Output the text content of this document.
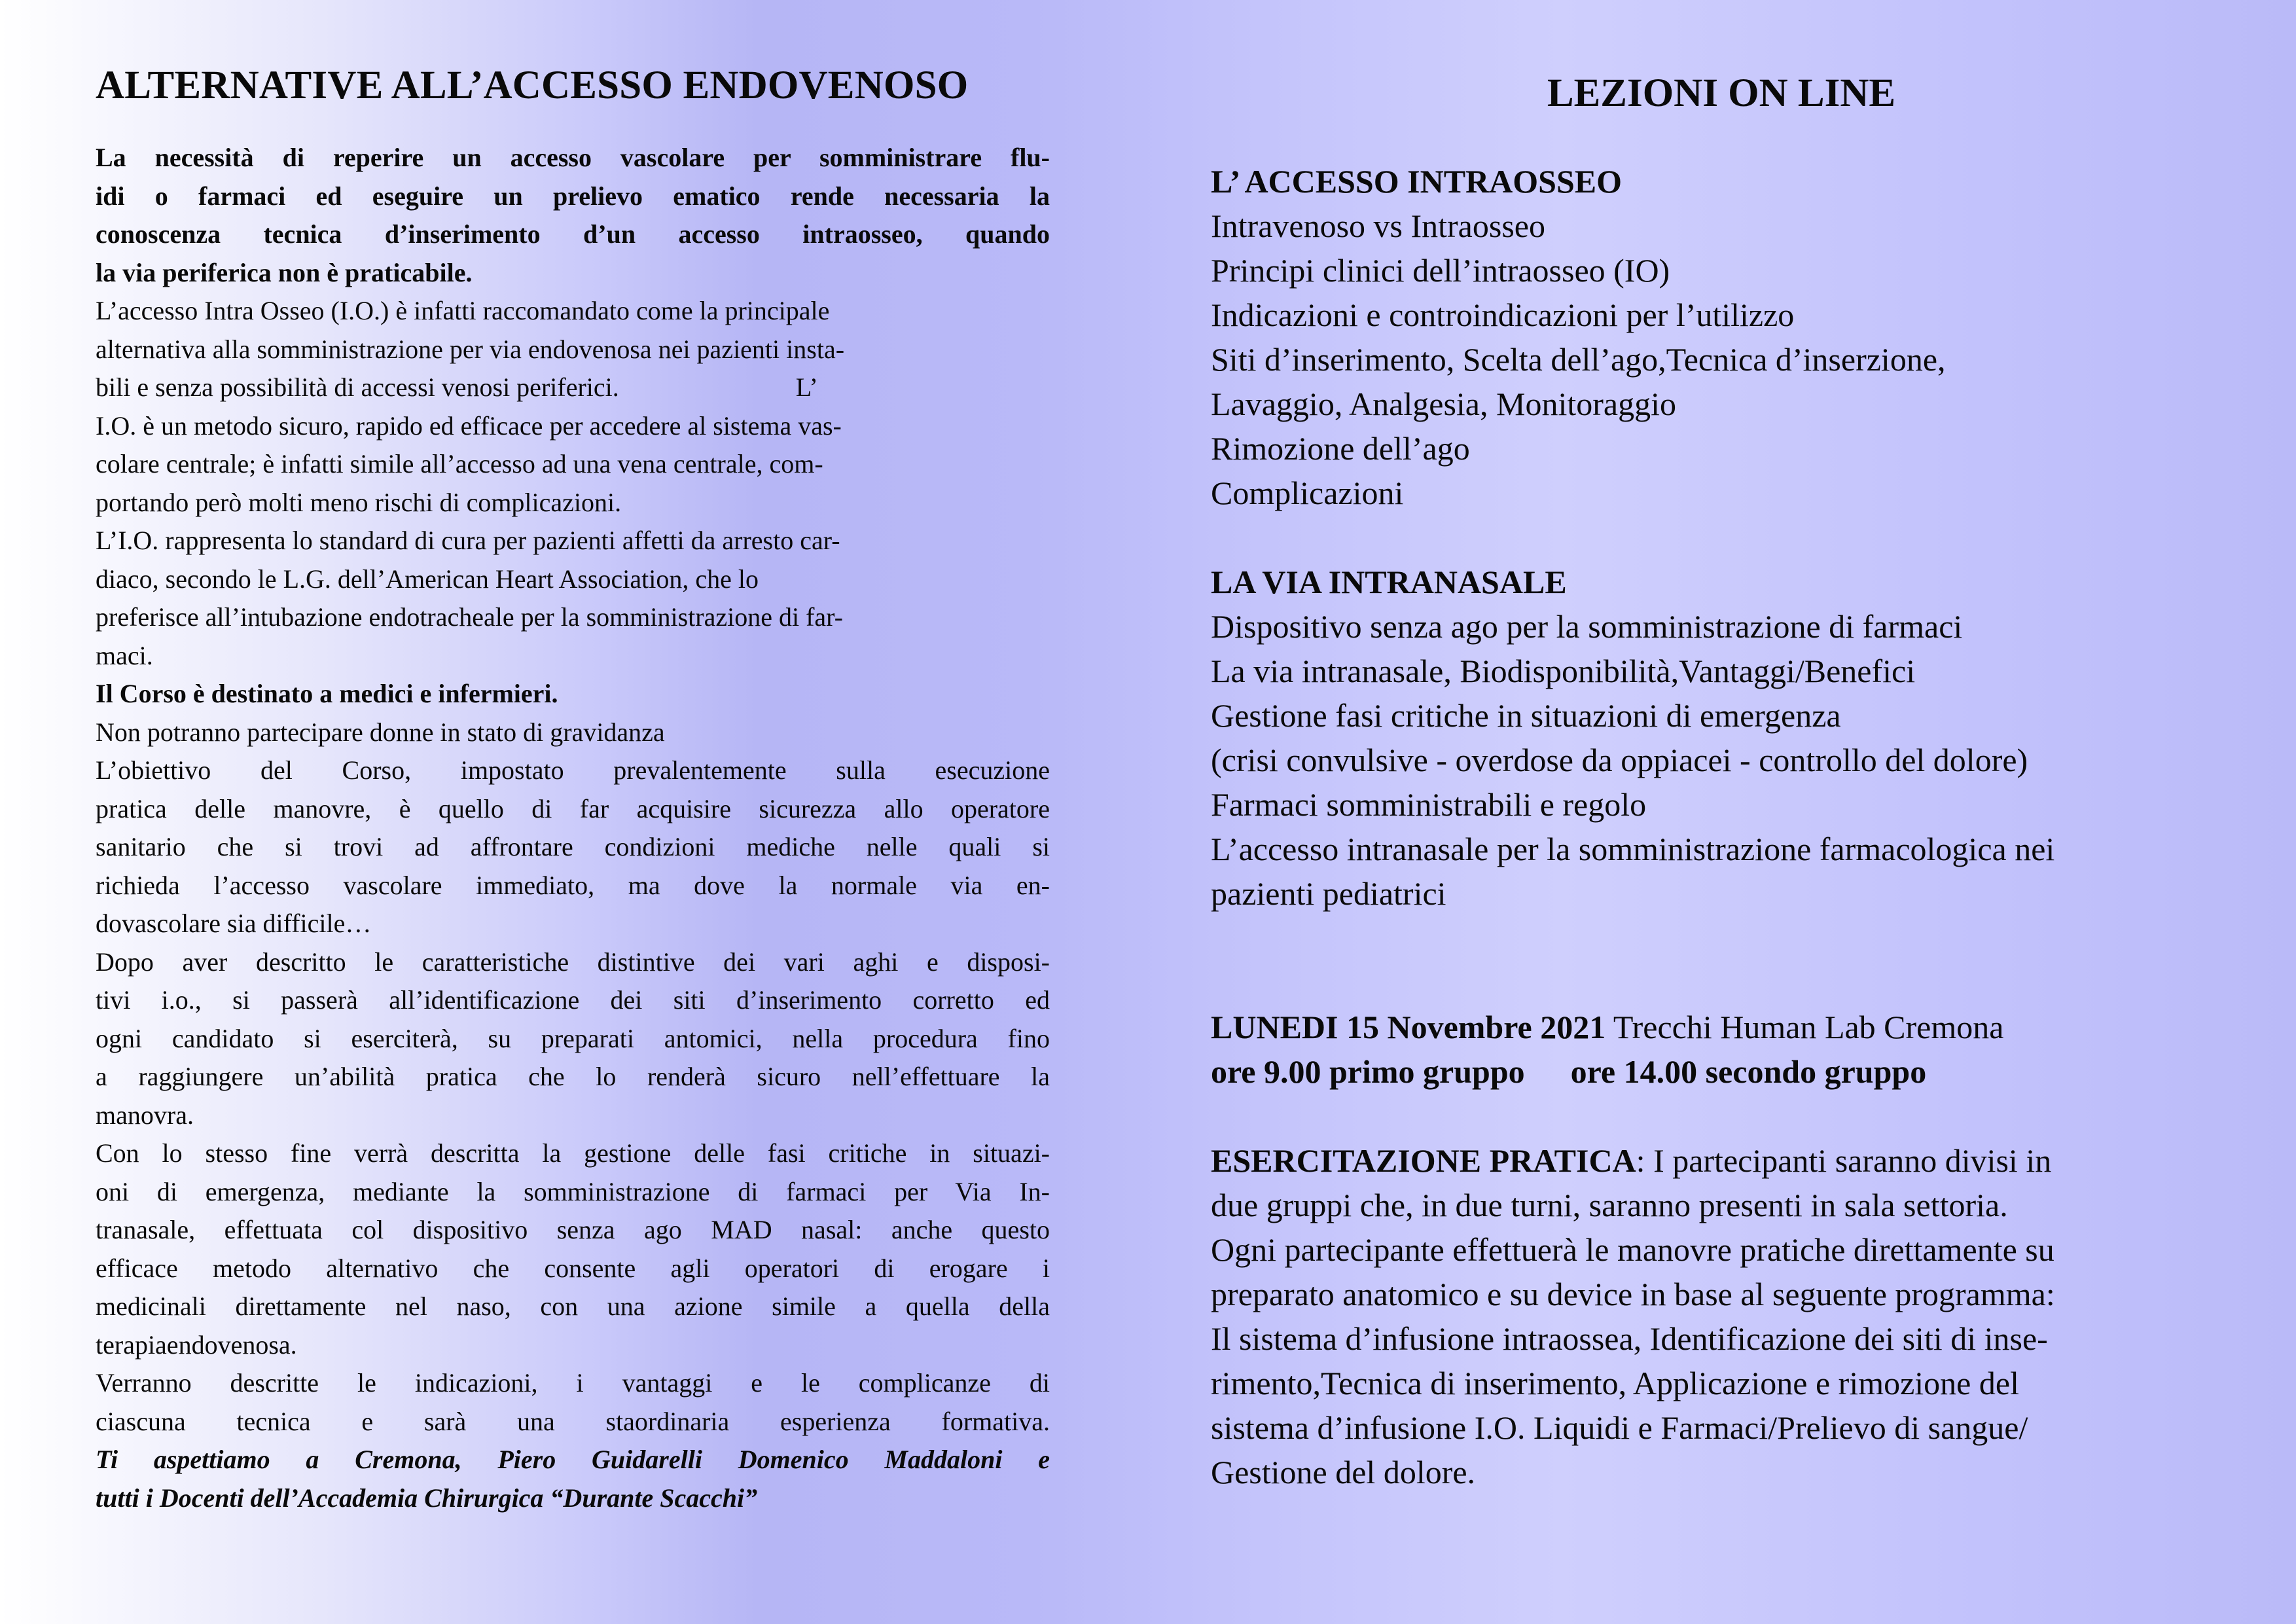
ALTERNATIVE ALL’ACCESSO ENDOVENOSO

La necessità di reperire un accesso vascolare per somministrare flu-

idi o farmaci ed eseguire un prelievo ematico rende necessaria la

conoscenza tecnica d’inserimento d’un accesso intraosseo, quando

la via periferica non è praticabile.

L’accesso Intra Osseo (I.O.) è infatti raccomandato come la principale

alternativa alla somministrazione per via endovenosa nei pazienti insta-

bili e senza possibilità di accessi venosi periferici.                           L’

I.O. è un metodo sicuro, rapido ed efficace per accedere al sistema vas-

colare centrale; è infatti simile all’accesso ad una vena centrale, com-

portando però molti meno rischi di complicazioni.

L’I.O. rappresenta lo standard di cura per pazienti affetti da arresto car-

diaco, secondo le L.G. dell’American Heart Association, che lo

preferisce all’intubazione endotracheale per la somministrazione di far-

maci.

Il Corso è destinato a medici e infermieri.

Non potranno partecipare donne in stato di gravidanza

L’obiettivo del Corso, impostato prevalentemente sulla esecuzione

pratica delle manovre, è quello di far acquisire sicurezza allo operatore

sanitario che si trovi ad affrontare condizioni mediche nelle quali si

richieda l’accesso vascolare immediato, ma dove la normale via en-

dovascolare sia difficile…

Dopo aver descritto le caratteristiche distintive dei vari aghi e disposi-

tivi i.o., si passerà all’identificazione dei siti d’inserimento corretto ed

ogni candidato si eserciterà, su preparati antomici, nella procedura fino

a raggiungere un’abilità pratica che lo renderà sicuro nell’effettuare la

manovra.

Con lo stesso fine verrà descritta la gestione delle fasi critiche in situazi-

oni di emergenza, mediante la somministrazione di farmaci per Via In-

tranasale, effettuata col dispositivo senza ago MAD nasal: anche questo

efficace metodo alternativo che consente agli operatori di erogare i

medicinali direttamente nel naso, con una azione simile a quella della

terapiaendovenosa.

Verranno descritte le indicazioni, i vantaggi e le complicanze di

ciascuna tecnica e sarà una staordinaria esperienza formativa.

Ti aspettiamo a Cremona, Piero Guidarelli Domenico Maddaloni e

tutti i Docenti dell’Accademia Chirurgica “Durante Scacchi”

LEZIONI ON LINE

L’ ACCESSO INTRAOSSEO

Intravenoso vs Intraosseo

Principi clinici dell’intraosseo (IO)

Indicazioni e controindicazioni per l’utilizzo

Siti d’inserimento, Scelta dell’ago,Tecnica d’inserzione,

Lavaggio, Analgesia, Monitoraggio

Rimozione dell’ago

Complicazioni

LA VIA INTRANASALE

Dispositivo senza ago per la somministrazione di farmaci

La via intranasale, Biodisponibilità,Vantaggi/Benefici

Gestione fasi critiche in situazioni di emergenza

(crisi convulsive - overdose da oppiacei - controllo del dolore)

Farmaci somministrabili e regolo

L’accesso intranasale per la somministrazione farmacologica nei

pazienti pediatrici

LUNEDI 15 Novembre 2021 Trecchi Human Lab Cremona

ore 9.00 primo gruppo ore 14.00 secondo gruppo

ESERCITAZIONE PRATICA: I partecipanti saranno divisi in

due gruppi che, in due turni, saranno presenti in sala settoria.

Ogni partecipante effettuerà le manovre pratiche direttamente su

preparato anatomico e su device in base al seguente programma:

Il sistema d’infusione intraossea, Identificazione dei siti di inse-

rimento,Tecnica di inserimento, Applicazione e rimozione del

sistema d’infusione I.O. Liquidi e Farmaci/Prelievo di sangue/

Gestione del dolore.
